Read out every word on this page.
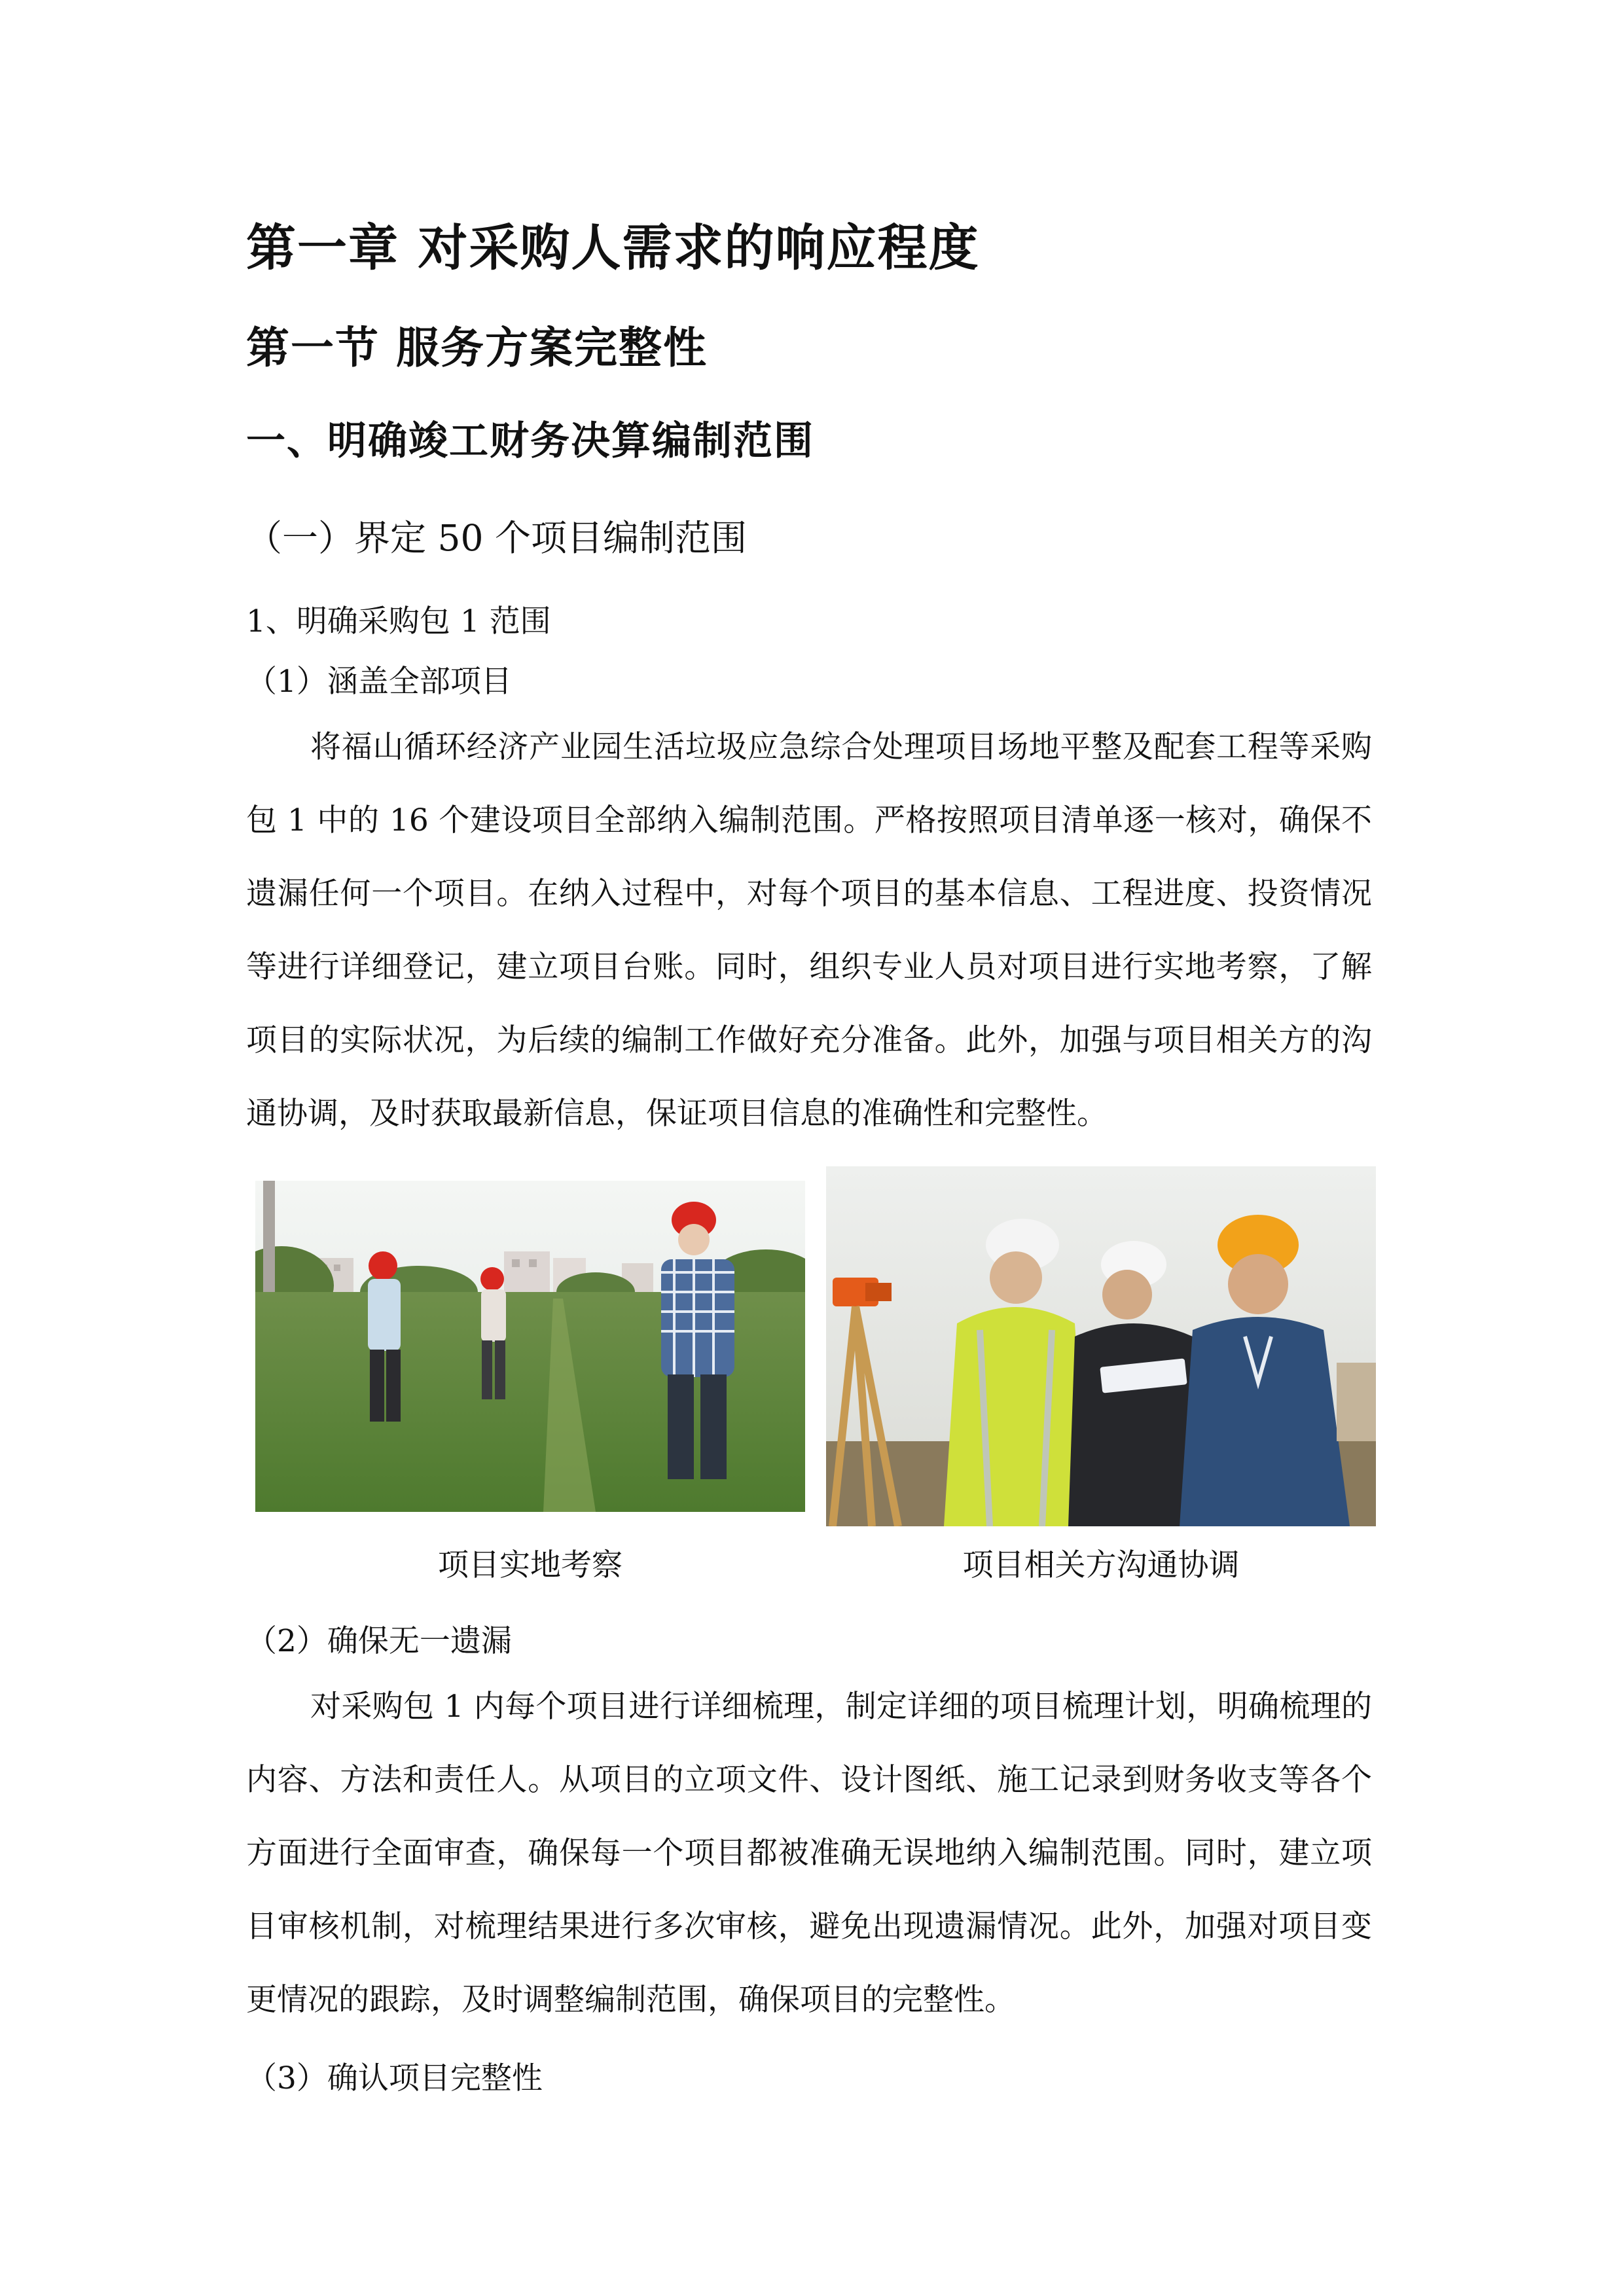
第一章 对采购人需求的响应程度
第一节 服务方案完整性
一、明确竣工财务决算编制范围
（一）界定 50 个项目编制范围
1、明确采购包 1 范围
（1）涵盖全部项目
将福山循环经济产业园生活垃圾应急综合处理项目场地平整及配套工程等采购包 1 中的 16 个建设项目全部纳入编制范围。严格按照项目清单逐一核对，确保不遗漏任何一个项目。在纳入过程中，对每个项目的基本信息、工程进度、投资情况等进行详细登记，建立项目台账。同时，组织专业人员对项目进行实地考察，了解项目的实际状况，为后续的编制工作做好充分准备。此外，加强与项目相关方的沟通协调，及时获取最新信息，保证项目信息的准确性和完整性。
项目实地考察	项目相关方沟通协调
（2）确保无一遗漏
对采购包 1 内每个项目进行详细梳理，制定详细的项目梳理计划，明确梳理的内容、方法和责任人。从项目的立项文件、设计图纸、施工记录到财务收支等各个方面进行全面审查，确保每一个项目都被准确无误地纳入编制范围。同时，建立项目审核机制，对梳理结果进行多次审核，避免出现遗漏情况。此外，加强对项目变更情况的跟踪，及时调整编制范围，确保项目的完整性。
（3）确认项目完整性
